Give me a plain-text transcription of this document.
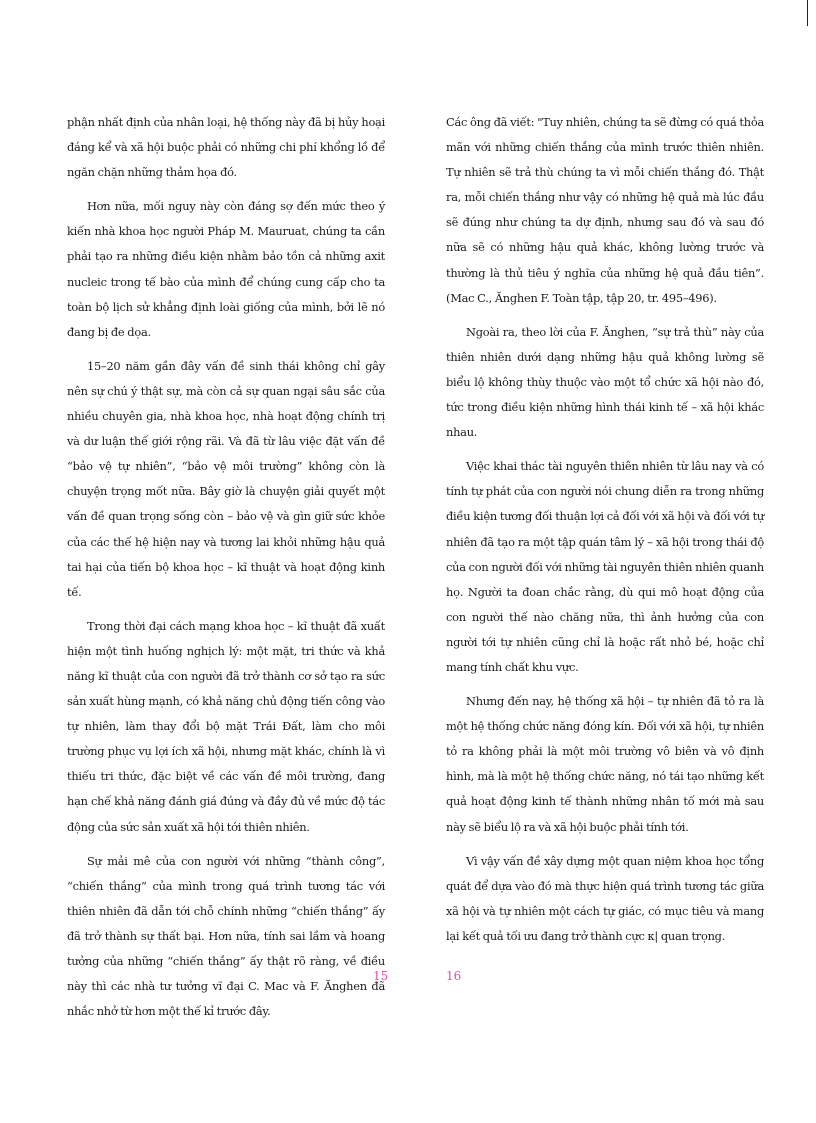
phận nhất định của nhân loại, hệ thống này đã bị hủy hoại đáng kể và xã hội buộc phải có những chi phí khổng lồ để ngăn chặn những thảm họa đó.

Hơn nữa, mối nguy này còn đáng sợ đến mức theo ý kiến nhà khoa học người Pháp M. Mauruat, chúng ta cần phải tạo ra những điều kiện nhằm bảo tồn cả những axit nucleic trong tế bào của mình để chúng cung cấp cho ta toàn bộ lịch sử khẳng định loài giống của mình, bởi lẽ nó đang bị đe dọa.

15–20 năm gần đây vấn đề sinh thái không chỉ gây nên sự chú ý thật sự, mà còn cả sự quan ngại sâu sắc của nhiều chuyên gia, nhà khoa học, nhà hoạt động chính trị và dư luận thế giới rộng rãi. Và đã từ lâu việc đặt vấn đề “bảo vệ tự nhiên”, “bảo vệ môi trường” không còn là chuyện trọng mốt nữa. Bây giờ là chuyện giải quyết một vấn đề quan trọng sống còn – bảo vệ và gìn giữ sức khỏe của các thế hệ hiện nay và tương lai khỏi những hậu quả tai hại của tiến bộ khoa học – kĩ thuật và hoạt động kinh tế.

Trong thời đại cách mạng khoa học – kĩ thuật đã xuất hiện một tình huống nghịch lý: một mặt, tri thức và khả năng kĩ thuật của con người đã trở thành cơ sở tạo ra sức sản xuất hùng mạnh, có khả năng chủ động tiến công vào tự nhiên, làm thay đổi bộ mặt Trái Đất, làm cho môi trường phục vụ lợi ích xã hội, nhưng mặt khác, chính là vì thiếu tri thức, đặc biệt về các vấn đề môi trường, đang hạn chế khả năng đánh giá đúng và đầy đủ về mức độ tác động của sức sản xuất xã hội tới thiên nhiên.

Sự mải mê của con người với những “thành công”, “chiến thắng” của mình trong quá trình tương tác với thiên nhiên đã dẫn tới chỗ chính những “chiến thắng” ấy đã trở thành sự thất bại. Hơn nữa, tính sai lầm và hoang tưởng của những “chiến thắng” ấy thật rõ ràng, về điều này thì các nhà tư tưởng vĩ đại C. Mac và F. Ănghen đã nhắc nhở từ hơn một thế kỉ trước đây.

Các ông đã viết: "Tuy nhiên, chúng ta sẽ đừng có quá thỏa mãn với những chiến thắng của mình trước thiên nhiên. Tự nhiên sẽ trả thù chúng ta vì mỗi chiến thắng đó. Thật ra, mỗi chiến thắng như vậy có những hệ quả mà lúc đầu sẽ đúng như chúng ta dự định, nhưng sau đó và sau đó nữa sẽ có những hậu quả khác, không lường trước và thường là thủ tiêu ý nghĩa của những hệ quả đầu tiên”. (Mac C., Ănghen F. Toàn tập, tập 20, tr. 495–496).

Ngoài ra, theo lời của F. Ănghen, “sự trả thù” này của thiên nhiên dưới dạng những hậu quả không lường sẽ biểu lộ không thùy thuộc vào một tổ chức xã hội nào đó, tức trong điều kiện những hình thái kinh tế – xã hội khác nhau.

Việc khai thác tài nguyên thiên nhiên từ lâu nay và có tính tự phát của con người nói chung diễn ra trong những điều kiện tương đối thuận lợi cả đối với xã hội và đối với tự nhiên đã tạo ra một tập quán tâm lý – xã hội trong thái độ của con người đối với những tài nguyên thiên nhiên quanh họ. Người ta đoan chắc rằng, dù qui mô hoạt động của con người thế nào chăng nữa, thì ảnh hưởng của con người tới tự nhiên cũng chỉ là hoặc rất nhỏ bé, hoặc chỉ mang tính chất khu vực.

Nhưng đến nay, hệ thống xã hội – tự nhiên đã tỏ ra là một hệ thống chức năng đóng kín. Đối với xã hội, tự nhiên tỏ ra không phải là một môi trường vô biên và vô định hình, mà là một hệ thống chức năng, nó tái tạo những kết quả hoạt động kinh tế thành những nhân tố mới mà sau này sẽ biểu lộ ra và xã hội buộc phải tính tới.

Vì vậy vấn đề xây dựng một quan niệm khoa học tổng quát để dựa vào đó mà thực hiện quá trình tương tác giữa xã hội và tự nhiên một cách tự giác, có mục tiêu và mang lại kết quả tối ưu đang trở thành cực κ| quan trọng.

15	16
